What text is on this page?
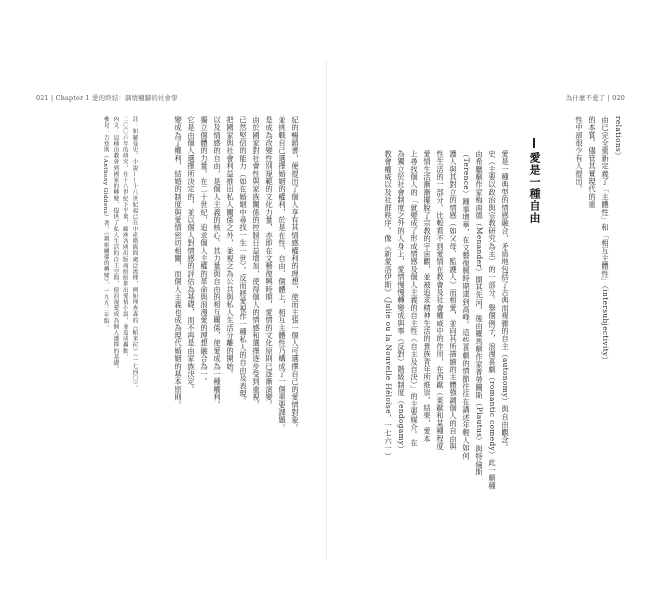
021 | Chapter 1 愛的終結：調情翹腳的社會學
紀的暢銷書，便提出了個人享有其情感權利的理想，使而主張一個人可選擇自己的愛情對象。
並挑戰自己選擇婚姻的權利，於是在性、自由、個體上，相互主體性乃構成了一個重要課題。
是成為改變性別規範的文化力量，亦即在文藝復興時期，愛情的文化原則已逐漸演變。
由於國家對社會性與家族關係的控制日益增加，使得個人的情感和選擇逐步受到重視。
已然堅信的能力（如在婚姻中尋找一生一世）。反而將愛視作一種私人的自由及表現。
把國家與社會利益推出私人關係之外，並視之為公共與私人生活分離的開始。
以及情感的自由，是個人主義的核心。其力量與自由的相互關係，使愛成為一種權利。
獨立個體的力量。在二十世紀，追求個人主權的革命與浪漫愛的理想融合為一。
它是由個人選擇所決定的，並以個人對情感的評估為基礎，而不再是由家族決定。
變成為了權利，結婚的制度與愛情密切相關，而個人主義也成為現代婚姻的基本原則。
註：如羅曼史、小說——十八世紀起已在中產階級間廣泛流傳，例如理查森的《帕米拉》（一七四〇）。
二〇〇六年的研究，在十八世紀下半葉，歐洲各國出版商紛紛推出愛情小說，並造成轟動。
內文：這種由教會到國家的轉變，提供了私人生活的自主空間，使浪漫愛成為個人選擇的基礎。
參見：吉登斯（Anthony Giddens）著，《親密關係的轉變》，一九九二年版。
為什麼不愛了 | 020
relations）
由已完全重新定義了「主體性」和「相互主體性」（intersubjectivity）的本質。儘管其實現代的重
性中卻很少有人提出。
愛是一種自由
愛是一種典型的情感融合，矛盾地包括了古典而複雜的自主（autonomy）與自由觀念。
史（主要以政治與宗教研究為主）的一部分。舉個例子，浪漫喜劇（romantic comedy）此一劇種
由希臘劇作家梅南德（Menander）開其先河，後由羅馬劇作家普勞圖斯（Plautus）與特倫斯
（Terence）踵事增華，在文藝復興時期達到高峰。這些喜劇的情節往往在講述年輕人如何
護人與其對立的情感（如父母、監護人）而相愛，並向其所描繪的主體強調個人的自由與
性生活的一部分。比較看不到愛情在教會及社會權威中的作用，在西歐（東歐和某種程度
愛情生活漸漸擺脫了宗教的宇宙觀，並被追求精神生活的貴族青年所推崇。結果，愛本
上尋找個人的「就變成了形成情感及個人主義的自主性（自主及自決）」的主要媒介。在
為獨立於社會制度之外的人身上，愛情慢慢轉變成與事（反對）階級制度（endogamy）
教會權威以及社群秩序。像《新愛洛伊斯》（Julie ou la Nouvelle Héloïse，一七六一）
